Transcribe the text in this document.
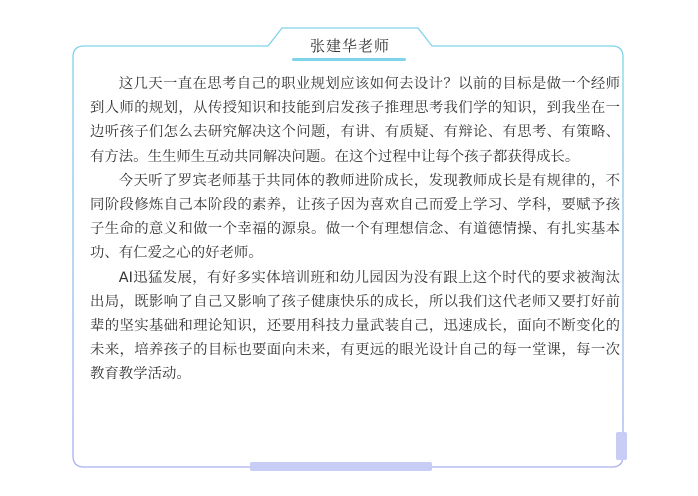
张建华老师

这几天一直在思考自己的职业规划应该如何去设计？以前的目标是做一个经师到人师的规划，从传授知识和技能到启发孩子推理思考我们学的知识，到我坐在一边听孩子们怎么去研究解决这个问题，有讲、有质疑、有辩论、有思考、有策略、有方法。生生师生互动共同解决问题。在这个过程中让每个孩子都获得成长。

今天听了罗宾老师基于共同体的教师进阶成长，发现教师成长是有规律的，不同阶段修炼自己本阶段的素养，让孩子因为喜欢自己而爱上学习、学科，要赋予孩子生命的意义和做一个幸福的源泉。做一个有理想信念、有道德情操、有扎实基本功、有仁爱之心的好老师。

AI迅猛发展，有好多实体培训班和幼儿园因为没有跟上这个时代的要求被淘汰出局，既影响了自己又影响了孩子健康快乐的成长，所以我们这代老师又要打好前辈的坚实基础和理论知识，还要用科技力量武装自己，迅速成长，面向不断变化的未来，培养孩子的目标也要面向未来，有更远的眼光设计自己的每一堂课，每一次教育教学活动。
